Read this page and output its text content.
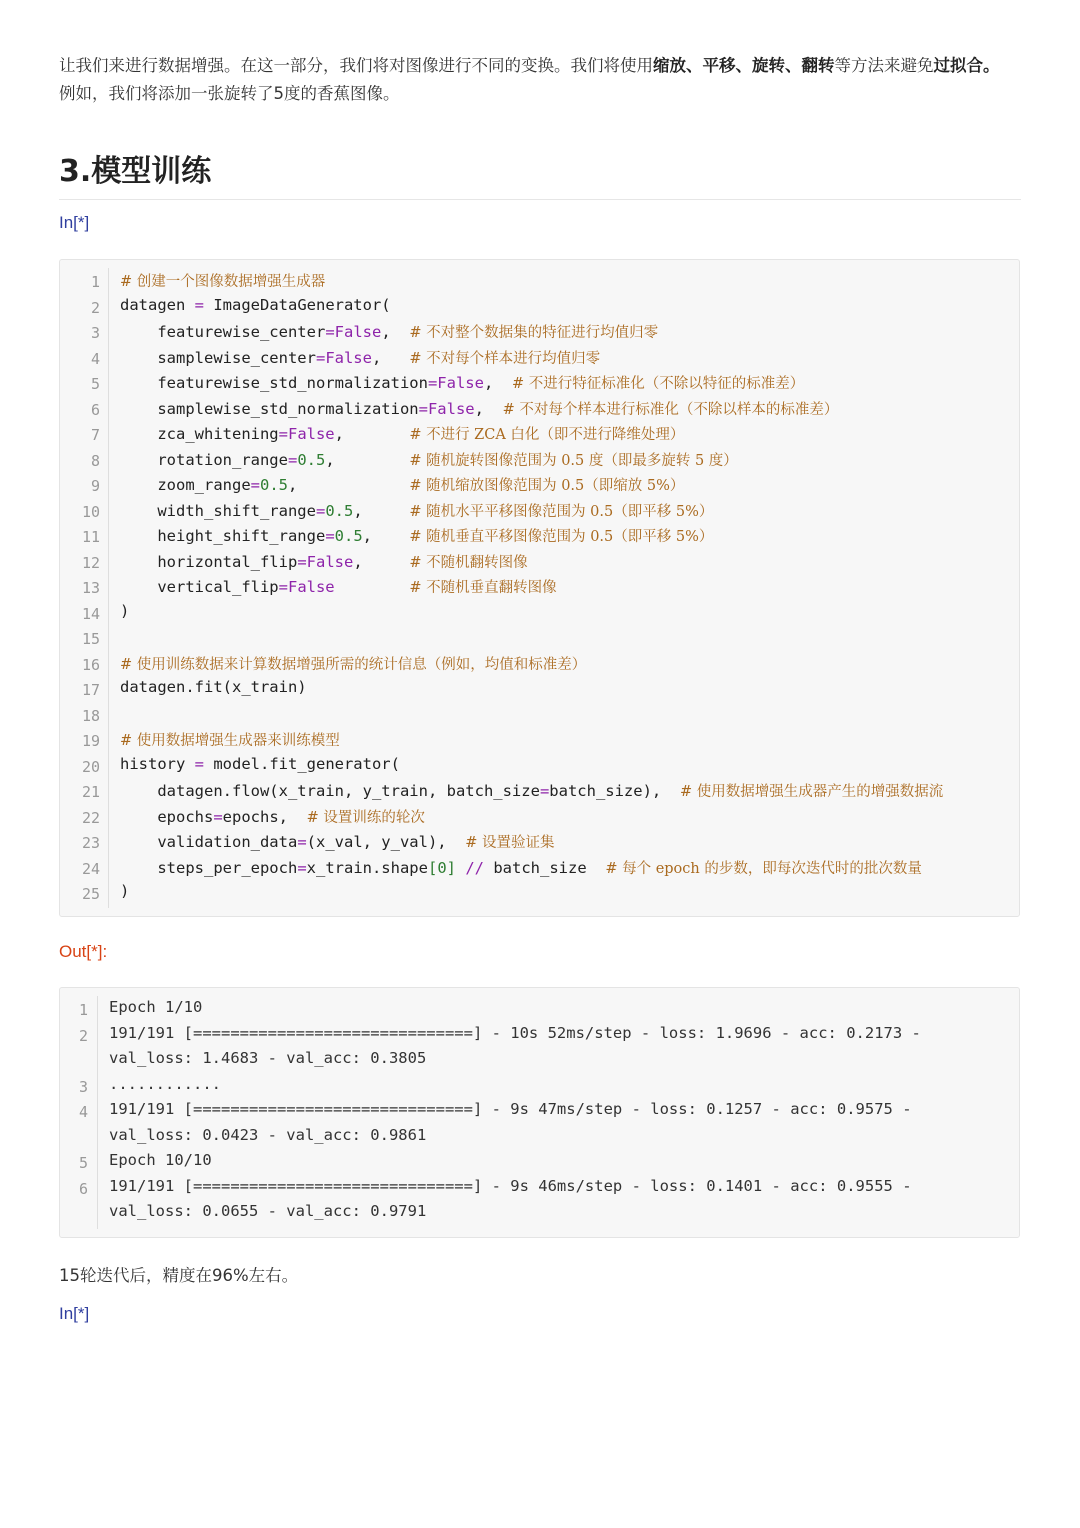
让我们来进行数据增强。在这一部分，我们将对图像进行不同的变换。我们将使用缩放、平移、旋转、翻转等方法来避免过拟合。

例如，我们将添加一张旋转了5度的香蕉图像。

3.模型训练
In[*]
1 # 创建一个图像数据增强生成器
2 datagen = ImageDataGenerator(
3 featurewise_center=False,  # 不对整个数据集的特征进行均值归零
4 samplewise_center=False,   # 不对每个样本进行均值归零
5 featurewise_std_normalization=False,  # 不进行特征标准化（不除以特征的标准差）
6 samplewise_std_normalization=False,  # 不对每个样本进行标准化（不除以样本的标准差）
7 zca_whitening=False,       # 不进行 ZCA 白化（即不进行降维处理）
8 rotation_range=0.5,        # 随机旋转图像范围为 0.5 度（即最多旋转 5 度）
9 zoom_range=0.5,            # 随机缩放图像范围为 0.5（即缩放 5%）
10 width_shift_range=0.5,     # 随机水平平移图像范围为 0.5（即平移 5%）
11 height_shift_range=0.5,    # 随机垂直平移图像范围为 0.5（即平移 5%）
12 horizontal_flip=False,     # 不随机翻转图像
13 vertical_flip=False	# 不随机垂直翻转图像
14 )
15
16 # 使用训练数据来计算数据增强所需的统计信息（例如，均值和标准差）
17 datagen.fit(x_train)
18
19 # 使用数据增强生成器来训练模型
20 history = model.fit_generator(
21 datagen.flow(x_train, y_train, batch_size=batch_size),  # 使用数据增强生成器产生的增强数据流
22 epochs=epochs,  # 设置训练的轮次
23 validation_data=(x_val, y_val),  # 设置验证集
24 steps_per_epoch=x_train.shape[0] // batch_size  # 每个 epoch 的步数，即每次迭代时的批次数量
25 )
Out[*]:
1 Epoch 1/10
2 191/191 [==============================] - 10s 52ms/step - loss: 1.9696 - acc: 0.2173 -
val_loss: 1.4683 - val_acc: 0.3805
3 ............
4 191/191 [==============================] - 9s 47ms/step - loss: 0.1257 - acc: 0.9575 -
val_loss: 0.0423 - val_acc: 0.9861
5 Epoch 10/10
6 191/191 [==============================] - 9s 46ms/step - loss: 0.1401 - acc: 0.9555 -
val_loss: 0.0655 - val_acc: 0.9791
15轮迭代后，精度在96%左右。
In[*]
